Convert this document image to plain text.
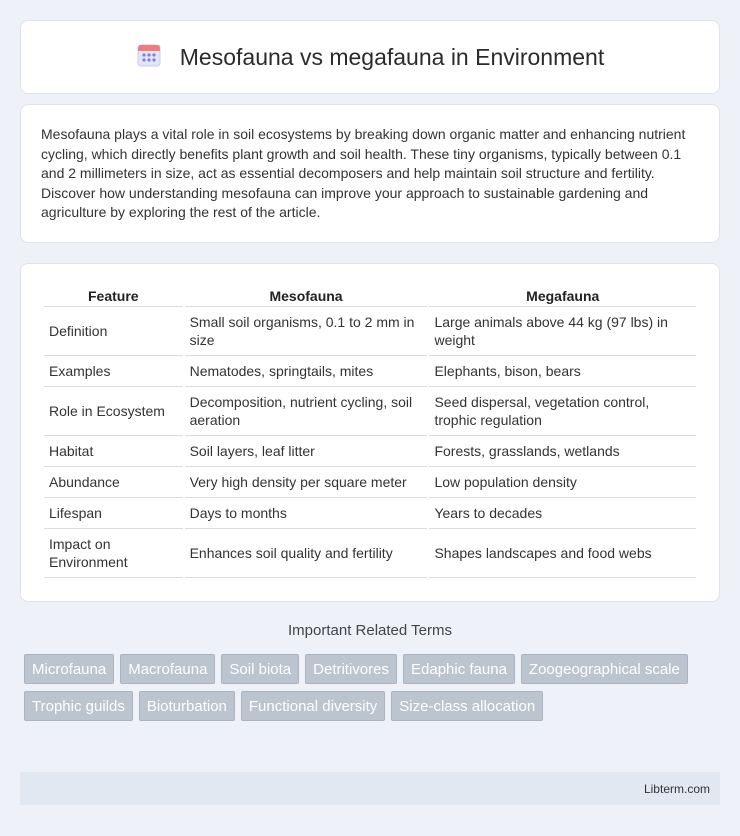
Mesofauna vs megafauna in Environment

Mesofauna plays a vital role in soil ecosystems by breaking down organic matter and enhancing nutrient cycling, which directly benefits plant growth and soil health. These tiny organisms, typically between 0.1 and 2 millimeters in size, act as essential decomposers and help maintain soil structure and fertility. Discover how understanding mesofauna can improve your approach to sustainable gardening and agriculture by exploring the rest of the article.

Feature	Mesofauna	Megafauna
Definition	Small soil organisms, 0.1 to 2 mm in size	Large animals above 44 kg (97 lbs) in weight
Examples	Nematodes, springtails, mites	Elephants, bison, bears
Role in Ecosystem	Decomposition, nutrient cycling, soil aeration	Seed dispersal, vegetation control, trophic regulation
Habitat	Soil layers, leaf litter	Forests, grasslands, wetlands
Abundance	Very high density per square meter	Low population density
Lifespan	Days to months	Years to decades
Impact on Environment	Enhances soil quality and fertility	Shapes landscapes and food webs
Important Related Terms
Microfauna	Macrofauna	Soil biota	Detritivores	Edaphic fauna	Zoogeographical scale
Trophic guilds	Bioturbation	Functional diversity	Size-class allocation
Libterm.com
